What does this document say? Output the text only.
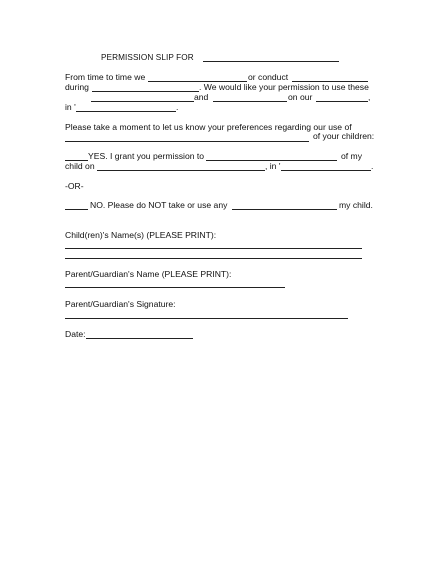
PERMISSION SLIP FOR
From time to time we	or conduct
during	. We would like your permission to use these
and	on our	,
in '	.
Please take a moment to let us know your preferences regarding our use of
of your children:
YES. I grant you permission to	of my
child on	, in '	.
-OR-
NO. Please do NOT take or use any	my child.
Child(ren)'s Name(s) (PLEASE PRINT):
Parent/Guardian's Name (PLEASE PRINT):
Parent/Guardian's Signature:
Date:
